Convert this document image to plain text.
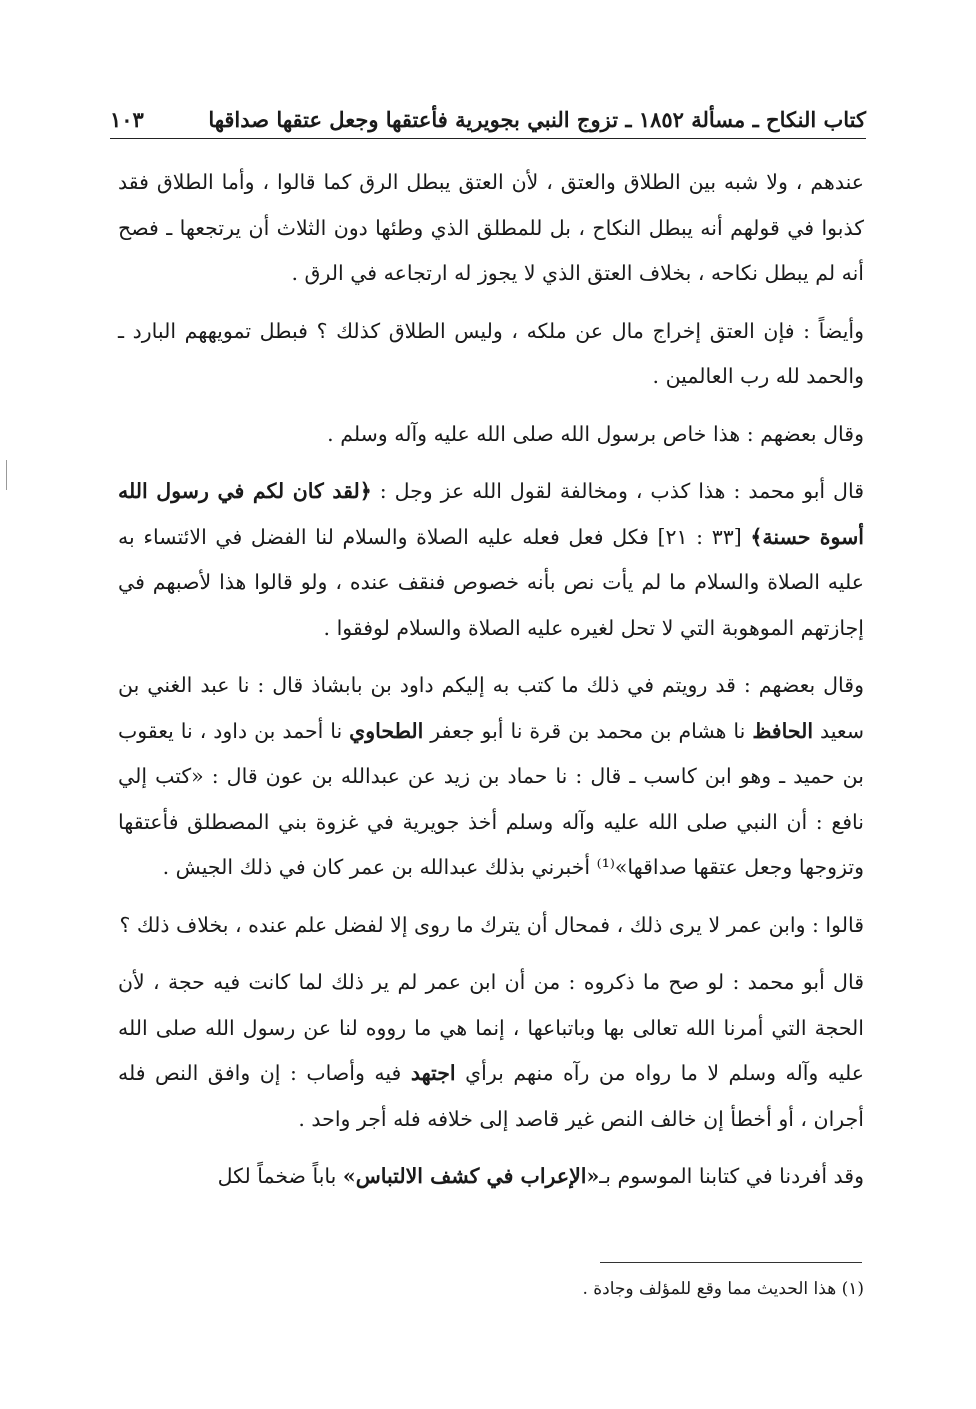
كتاب النكاح ـ مسألة ١٨٥٢ ـ تزوج النبي بجويرية فأعتقها وجعل عتقها صداقها
١٠٣

عندهم ، ولا شبه بين الطلاق والعتق ، لأن العتق يبطل الرق كما قالوا ، وأما الطلاق فقد كذبوا في قولهم أنه يبطل النكاح ، بل للمطلق الذي وطئها دون الثلاث أن يرتجعها ـ فصح أنه لم يبطل نكاحه ، بخلاف العتق الذي لا يجوز له ارتجاعه في الرق .

وأيضاً : فإن العتق إخراج مال عن ملكه ، وليس الطلاق كذلك ؟ فبطل تمويههم البارد ـ والحمد لله رب العالمين .

وقال بعضهم : هذا خاص برسول الله صلى الله عليه وآله وسلم .

قال أبو محمد : هذا كذب ، ومخالفة لقول الله عز وجل : ﴿لقد كان لكم في رسول الله أسوة حسنة﴾ [٣٣ : ٢١] فكل فعل فعله عليه الصلاة والسلام لنا الفضل في الائتساء به عليه الصلاة والسلام ما لم يأت نص بأنه خصوص فنقف عنده ، ولو قالوا هذا لأصبهم في إجازتهم الموهوبة التي لا تحل لغيره عليه الصلاة والسلام لوفقوا .

وقال بعضهم : قد رويتم في ذلك ما كتب به إليكم داود بن بابشاذ قال : نا عبد الغني بن سعيد الحافظ نا هشام بن محمد بن قرة نا أبو جعفر الطحاوي نا أحمد بن داود ، نا يعقوب بن حميد ـ وهو ابن كاسب ـ قال : نا حماد بن زيد عن عبدالله بن عون قال : «كتب إلي نافع : أن النبي صلى الله عليه وآله وسلم أخذ جويرية في غزوة بني المصطلق فأعتقها وتزوجها وجعل عتقها صداقها»⁽¹⁾ أخبرني بذلك عبدالله بن عمر كان في ذلك الجيش .

قالوا : وابن عمر لا يرى ذلك ، فمحال أن يترك ما روى إلا لفضل علم عنده ، بخلاف ذلك ؟

قال أبو محمد : لو صح ما ذكروه : من أن ابن عمر لم ير ذلك لما كانت فيه حجة ، لأن الحجة التي أمرنا الله تعالى بها وباتباعها ، إنما هي ما رووه لنا عن رسول الله صلى الله عليه وآله وسلم لا ما رواه من رآه منهم برأي اجتهد فيه وأصاب : إن وافق النص فله أجران ، أو أخطأ إن خالف النص غير قاصد إلى خلافه فله أجر واحد .

وقد أفردنا في كتابنا الموسوم بـ«الإعراب في كشف الالتباس» باباً ضخماً لكل

(١) هذا الحديث مما وقع للمؤلف وجادة .
